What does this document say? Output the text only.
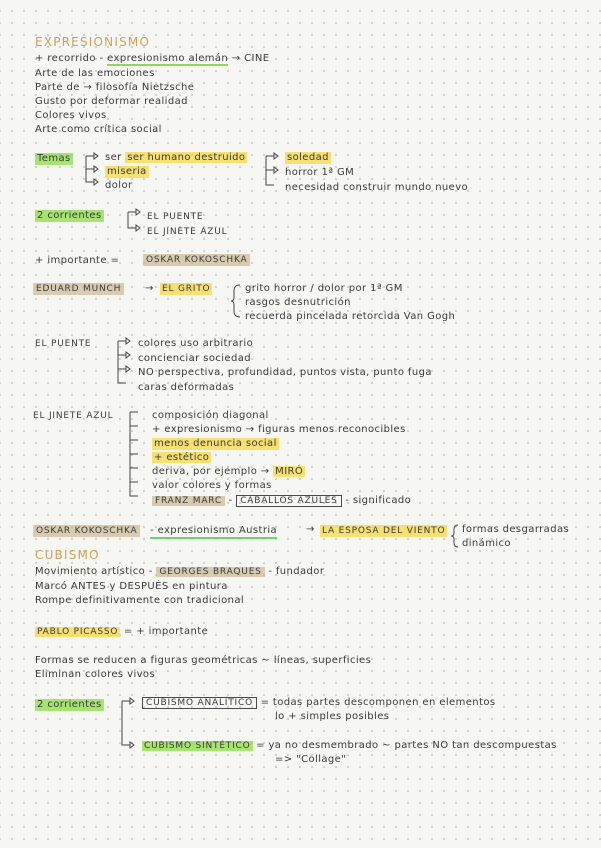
EXPRESIONISMO
+ recorrido - expresionismo alemán → CINE
Arte de las emociones
Parte de → filosofía Nietzsche
Gusto por deformar realidad
Colores vivos
Arte como crítica social
Temas	ser ser humano destruido
miseria
dolor
soledad
horror 1ª GM
necesidad construir mundo nuevo
2 corrientes	EL PUENTE
EL JINETE AZUL
+ importante =	OSKAR KOKOSCHKA
EDUARD MUNCH	→ EL GRITO	grito horror / dolor por 1ª GM
rasgos desnutrición
recuerda pincelada retorcida Van Gogh
EL PUENTE	colores uso arbitrario
concienciar sociedad
NO perspectiva, profundidad, puntos vista, punto fuga
caras deformadas
EL JINETE AZUL	composición diagonal
+ expresionismo → figuras menos reconocibles
menos denuncia social
+ estético
deriva, por ejemplo → MIRÓ
valor colores y formas
FRANZ MARC - CABALLOS AZULES - significado
OSKAR KOKOSCHKA	- expresionismo Austria	→ LA ESPOSA DEL VIENTO formas desgarradas
dinámico
CUBISMO
Movimiento artístico - GEORGES BRAQUES - fundador
Marcó ANTES y DESPUÉS en pintura
Rompe definitivamente con tradicional
PABLO PICASSO = + importante
Formas se reducen a figuras geométricas ~ líneas, superficies
Eliminan colores vivos
2 corrientes	CUBISMO ANALÍTICO = todas partes descomponen en elementos
lo + simples posibles
CUBISMO SINTÉTICO = ya no desmembrado ~ partes NO tan descompuestas
=> "Collage"
